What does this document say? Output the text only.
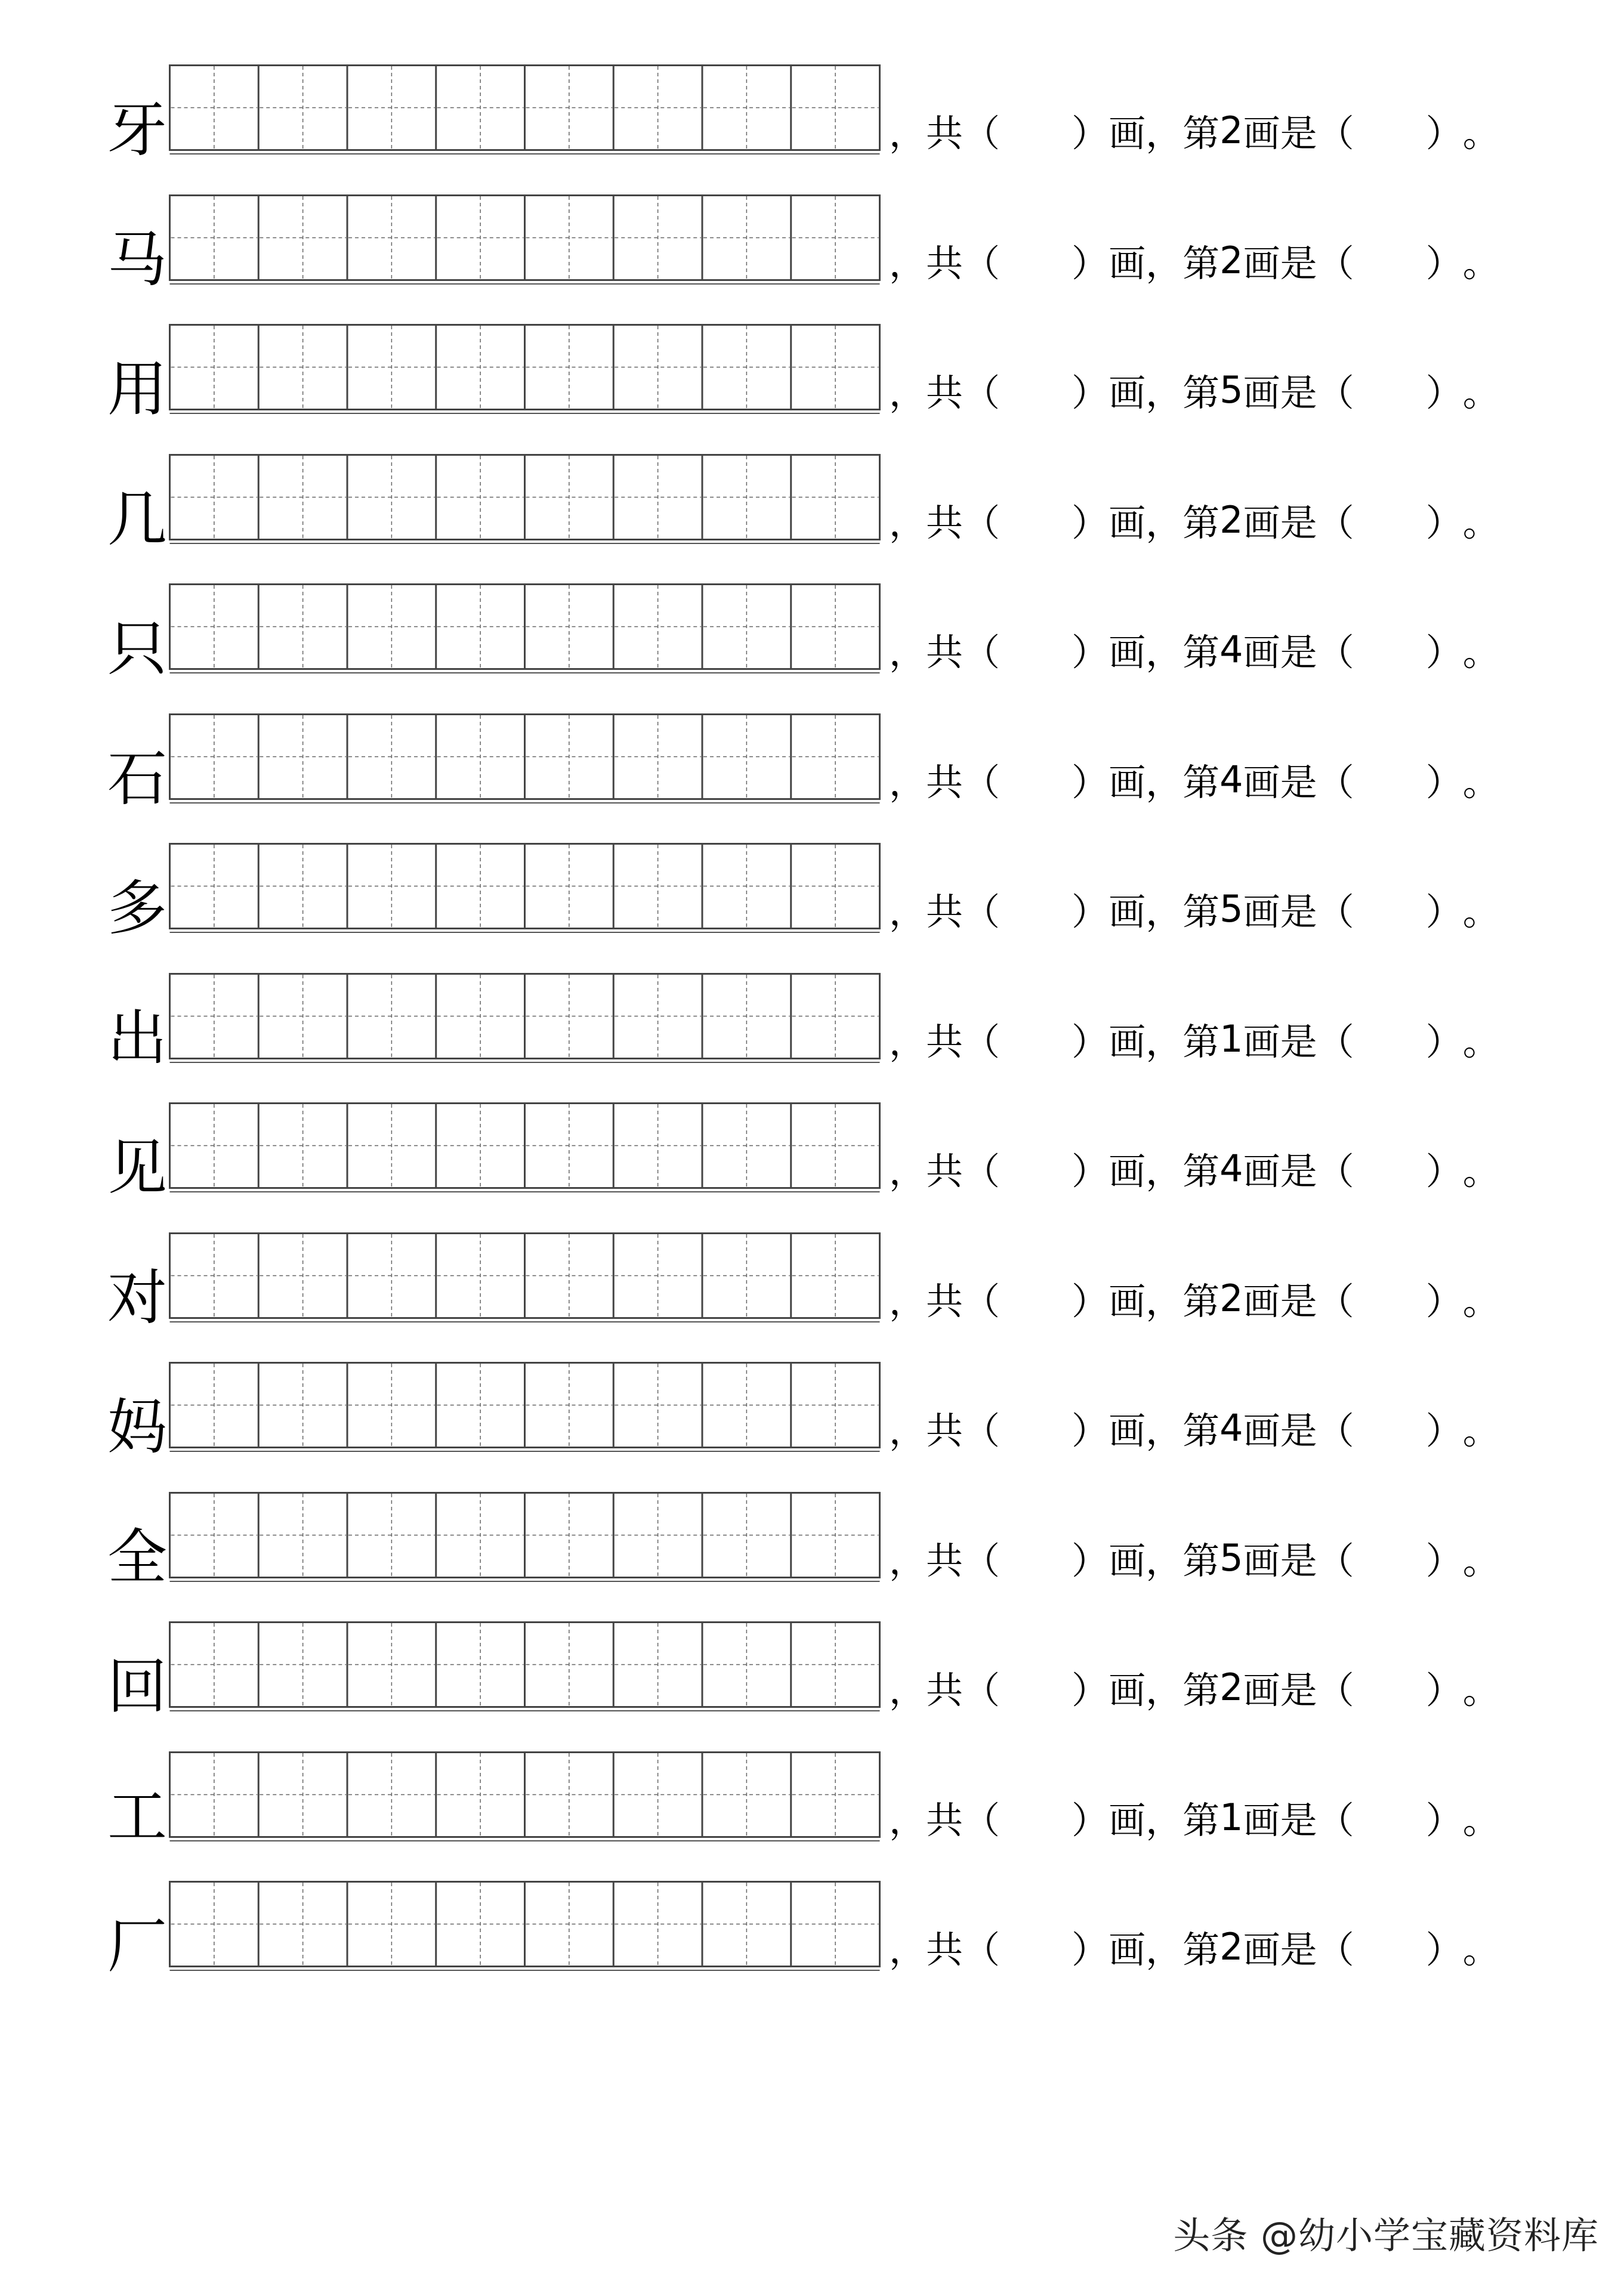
牙	， 共 （ ） 画 ， 第 2 画是 （ ） 。
马	， 共 （ ） 画 ， 第 2 画是 （ ） 。
用	， 共 （ ） 画 ， 第 5 画是 （ ） 。
几	， 共 （ ） 画 ， 第 2 画是 （ ） 。
只	， 共 （ ） 画 ， 第 4 画是 （ ） 。
石	， 共 （ ） 画 ， 第 4 画是 （ ） 。
多	， 共 （ ） 画 ， 第 5 画是 （ ） 。
出	， 共 （ ） 画 ， 第 1 画是 （ ） 。
见	， 共 （ ） 画 ， 第 4 画是 （ ） 。
对	， 共 （ ） 画 ， 第 2 画是 （ ） 。
妈	， 共 （ ） 画 ， 第 4 画是 （ ） 。
全	， 共 （ ） 画 ， 第 5 画是 （ ） 。
回	， 共 （ ） 画 ， 第 2 画是 （ ） 。
工	， 共 （ ） 画 ， 第 1 画是 （ ） 。
厂	， 共 （ ） 画 ， 第 2 画是 （ ） 。
头条 @幼小学宝藏资料库
